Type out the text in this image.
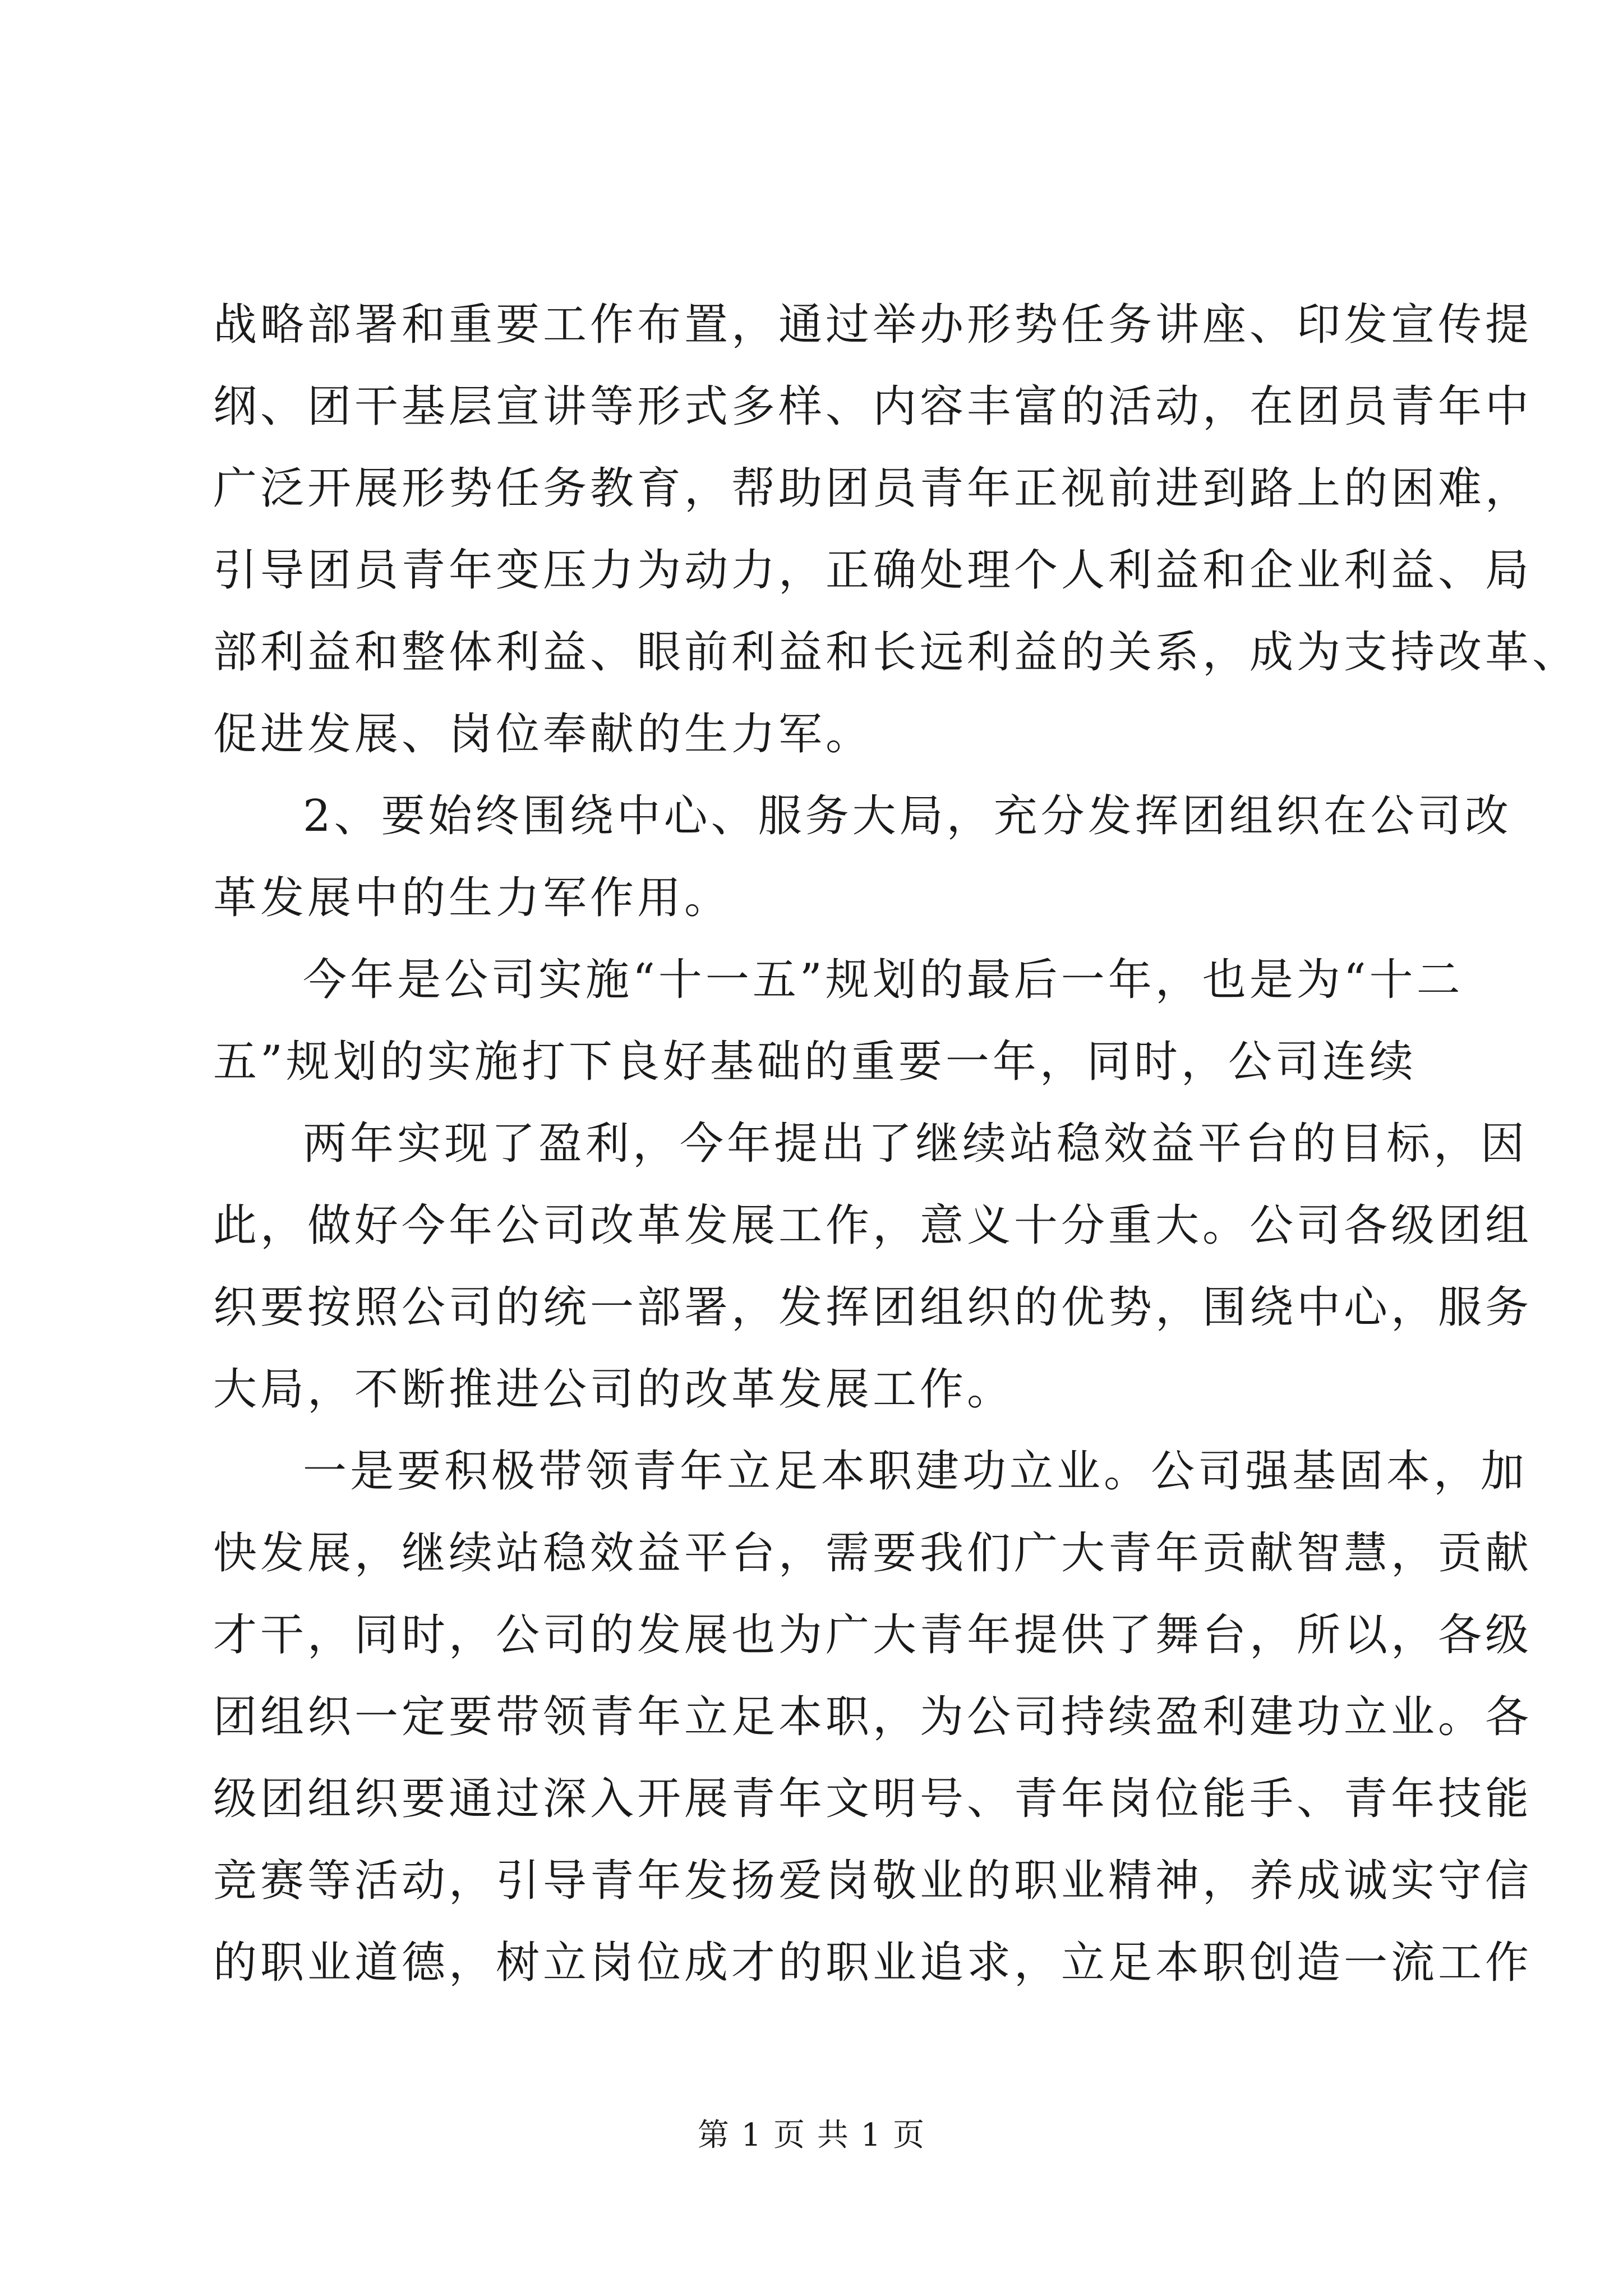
战略部署和重要工作布置，通过举办形势任务讲座、印发宣传提
纲、团干基层宣讲等形式多样、内容丰富的活动，在团员青年中
广泛开展形势任务教育，帮助团员青年正视前进到路上的困难，
引导团员青年变压力为动力，正确处理个人利益和企业利益、局
部利益和整体利益、眼前利益和长远利益的关系，成为支持改革、
促进发展、岗位奉献的生力军。
2、要始终围绕中心、服务大局，充分发挥团组织在公司改
革发展中的生力军作用。
今年是公司实施“十一五”规划的最后一年，也是为“十二
五”规划的实施打下良好基础的重要一年，同时，公司连续
两年实现了盈利，今年提出了继续站稳效益平台的目标，因
此，做好今年公司改革发展工作，意义十分重大。公司各级团组
织要按照公司的统一部署，发挥团组织的优势，围绕中心，服务
大局，不断推进公司的改革发展工作。
一是要积极带领青年立足本职建功立业。公司强基固本，加
快发展，继续站稳效益平台，需要我们广大青年贡献智慧，贡献
才干，同时，公司的发展也为广大青年提供了舞台，所以，各级
团组织一定要带领青年立足本职，为公司持续盈利建功立业。各
级团组织要通过深入开展青年文明号、青年岗位能手、青年技能
竞赛等活动，引导青年发扬爱岗敬业的职业精神，养成诚实守信
的职业道德，树立岗位成才的职业追求，立足本职创造一流工作
第 1 页 共 1 页
